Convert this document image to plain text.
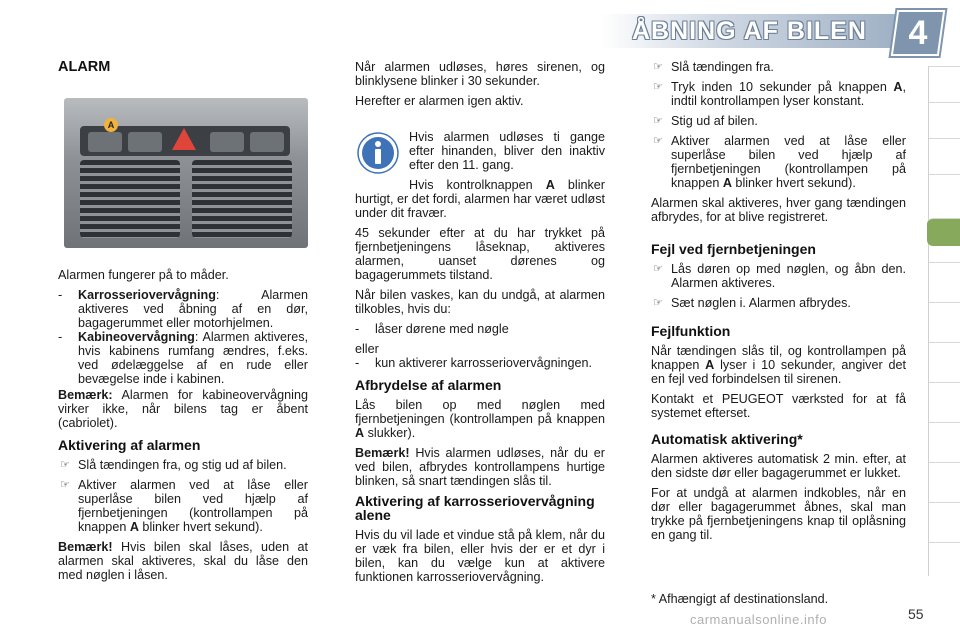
ÅBNING AF BILEN	4
ALARM
A

Alarmen fungerer på to måder.

- Karrosseriovervågning: Alarmen aktiveres ved åbning af en dør, bagagerummet eller motorhjelmen.
- Kabineovervågning: Alarmen aktiveres, hvis kabinens rumfang ændres, f.eks. ved ødelæggelse af en rude eller bevægelse inde i kabinen.

Bemærk: Alarmen for kabineovervågning virker ikke, når bilens tag er åbent (cabriolet).

Aktivering af alarmen
☞ Slå tændingen fra, og stig ud af bilen.
☞ Aktiver alarmen ved at låse eller superlåse bilen ved hjælp af fjernbetjeningen (kontrollampen på knappen A blinker hvert sekund).

Bemærk! Hvis bilen skal låses, uden at alarmen skal aktiveres, skal du låse den med nøglen i låsen.

Når alarmen udløses, høres sirenen, og blinklysene blinker i 30 sekunder.

Herefter er alarmen igen aktiv.

Hvis alarmen udløses ti gange efter hinanden, bliver den inaktiv efter den 11. gang.

Hvis kontrolknappen A blinker hurtigt, er det fordi, alarmen har været udløst under dit fravær.

45 sekunder efter at du har trykket på fjernbetjeningens låseknap, aktiveres alarmen, uanset dørenes og bagagerummets tilstand.

Når bilen vaskes, kan du undgå, at alarmen tilkobles, hvis du:

- låser dørene med nøgle
eller
- kun aktiverer karrosseriovervågningen.
Afbrydelse af alarmen

Lås bilen op med nøglen med fjernbetjeningen (kontrollampen på knappen A slukker).

Bemærk! Hvis alarmen udløses, når du er ved bilen, afbrydes kontrollampens hurtige blinken, så snart tændingen slås til.

Aktivering af karrosseriovervågning alene

Hvis du vil lade et vindue stå på klem, når du er væk fra bilen, eller hvis der er et dyr i bilen, kan du vælge kun at aktivere funktionen karrosseriovervågning.

☞ Slå tændingen fra.
☞ Tryk inden 10 sekunder på knappen A, indtil kontrollampen lyser konstant.
☞ Stig ud af bilen.
☞ Aktiver alarmen ved at låse eller superlåse bilen ved hjælp af fjernbetjeningen (kontrollampen på knappen A blinker hvert sekund).

Alarmen skal aktiveres, hver gang tændingen afbrydes, for at blive registreret.

Fejl ved fjernbetjeningen
☞ Lås døren op med nøglen, og åbn den. Alarmen aktiveres.
☞ Sæt nøglen i. Alarmen afbrydes.
Fejlfunktion

Når tændingen slås til, og kontrollampen på knappen A lyser i 10 sekunder, angiver det en fejl ved forbindelsen til sirenen.

Kontakt et PEUGEOT værksted for at få systemet efterset.

Automatisk aktivering*

Alarmen aktiveres automatisk 2 min. efter, at den sidste dør eller bagagerummet er lukket.

For at undgå at alarmen indkobles, når en dør eller bagagerummet åbnes, skal man trykke på fjernbetjeningens knap til oplåsning en gang til.

* Afhængigt af destinationsland.
carmanualsonline.info	55
